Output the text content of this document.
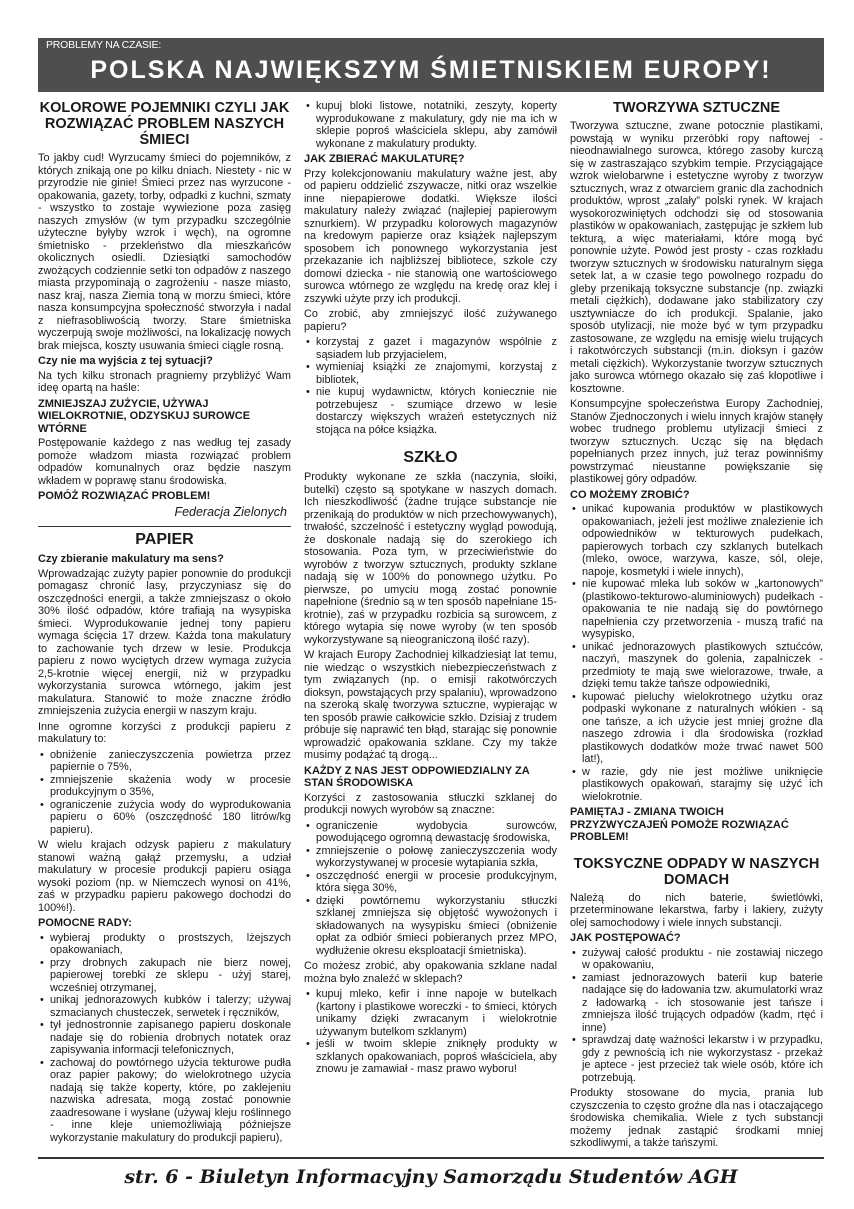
PROBLEMY NA CZASIE:
POLSKA NAJWIĘKSZYM ŚMIETNISKIEM EUROPY!
KOLOROWE POJEMNIKI CZYLI JAK ROZWIĄZAĆ PROBLEM NASZYCH ŚMIECI

To jakby cud! Wyrzucamy śmieci do pojemników, z których znikają one po kilku dniach. Niestety - nic w przyrodzie nie ginie! Śmieci przez nas wyrzucone - opakowania, gazety, torby, odpadki z kuchni, szmaty - wszystko to zostaje wywiezione poza zasięg naszych zmysłów (w tym przypadku szczególnie użyteczne byłyby wzrok i węch), na ogromne śmietnisko - przekleństwo dla mieszkańców okolicznych osiedli. Dziesiątki samochodów zwożących codziennie setki ton odpadów z naszego miasta przypominają o zagrożeniu - nasze miasto, nasz kraj, nasza Ziemia toną w morzu śmieci, które nasza konsumpcyjna społeczność stworzyła i nadal z niefrasobliwością tworzy. Stare śmietniska wyczerpują swoje możliwości, na lokalizację nowych brak miejsca, koszty usuwania śmieci ciągle rosną.

Czy nie ma wyjścia z tej sytuacji?

Na tych kilku stronach pragniemy przybliżyć Wam ideę opartą na haśle:

ZMNIEJSZAJ ZUŻYCIE, UŻYWAJ WIELOKROTNIE, ODZYSKUJ SUROWCE WTÓRNE

Postępowanie każdego z nas według tej zasady pomoże władzom miasta rozwiązać problem odpadów komunalnych oraz będzie naszym wkładem w poprawę stanu środowiska.

POMÓŻ ROZWIĄZAĆ PROBLEM!
Federacja Zielonych
PAPIER
Czy zbieranie makulatury ma sens?

Wprowadzając zużyty papier ponownie do produkcji pomagasz chronić lasy, przyczyniasz się do oszczędności energii, a także zmniejszasz o około 30% ilość odpadów, które trafiają na wysypiska śmieci. Wyprodukowanie jednej tony papieru wymaga ścięcia 17 drzew. Każda tona makulatury to zachowanie tych drzew w lesie. Produkcja papieru z nowo wyciętych drzew wymaga zużycia 2,5-krotnie więcej energii, niż w przypadku wykorzystania surowca wtórnego, jakim jest makulatura. Stanowić to może znaczne źródło zmniejszenia zużycia energii w naszym kraju.

Inne ogromne korzyści z produkcji papieru z makulatury to:

• obniżenie zanieczyszczenia powietrza przez papiernie o 75%,
• zmniejszenie skażenia wody w procesie produkcyjnym o 35%,
• ograniczenie zużycia wody do wyprodukowania papieru o 60% (oszczędność 180 litrów/kg papieru).

W wielu krajach odzysk papieru z makulatury stanowi ważną gałąź przemysłu, a udział makulatury w procesie produkcji papieru osiąga wysoki poziom (np. w Niemczech wynosi on 41%, zaś w przypadku papieru pakowego dochodzi do 100%!).

POMOCNE RADY:
• wybieraj produkty o prostszych, lżejszych opakowaniach,
• przy drobnych zakupach nie bierz nowej, papierowej torebki ze sklepu - użyj starej, wcześniej otrzymanej,
• unikaj jednorazowych kubków i talerzy; używaj szmacianych chusteczek, serwetek i ręczników,
• tył jednostronnie zapisanego papieru doskonale nadaje się do robienia drobnych notatek oraz zapisywania informacji telefonicznych,
• zachowaj do powtórnego użycia tekturowe pudła oraz papier pakowy; do wielokrotnego użycia nadają się także koperty, które, po zaklejeniu nazwiska adresata, mogą zostać ponownie zaadresowane i wysłane (używaj kleju roślinnego - inne kleje uniemożliwiają późniejsze wykorzystanie makulatury do produkcji papieru),
• kupuj bloki listowe, notatniki, zeszyty, koperty wyprodukowane z makulatury, gdy nie ma ich w sklepie poproś właściciela sklepu, aby zamówił wykonane z makulatury produkty.
JAK ZBIERAĆ MAKULATURĘ?

Przy kolekcjonowaniu makulatury ważne jest, aby od papieru oddzielić zszywacze, nitki oraz wszelkie inne niepapierowe dodatki. Większe ilości makulatury należy związać (najlepiej papierowym sznurkiem). W przypadku kolorowych magazynów na kredowym papierze oraz książek najlepszym sposobem ich ponownego wykorzystania jest przekazanie ich najbliższej bibliotece, szkole czy domowi dziecka - nie stanowią one wartościowego surowca wtórnego ze względu na kredę oraz klej i zszywki użyte przy ich produkcji.

Co zrobić, aby zmniejszyć ilość zużywanego papieru?

• korzystaj z gazet i magazynów wspólnie z sąsiadem lub przyjacielem,
• wymieniaj książki ze znajomymi, korzystaj z bibliotek,
• nie kupuj wydawnictw, których koniecznie nie potrzebujesz - szumiące drzewo w lesie dostarczy większych wrażeń estetycznych niż stojąca na półce książka.
SZKŁO

Produkty wykonane ze szkła (naczynia, słoiki, butelki) często są spotykane w naszych domach. Ich nieszkodliwość (żadne trujące substancje nie przenikają do produktów w nich przechowywanych), trwałość, szczelność i estetyczny wygląd powodują, że doskonale nadają się do szerokiego ich stosowania. Poza tym, w przeciwieństwie do wyrobów z tworzyw sztucznych, produkty szklane nadają się w 100% do ponownego użytku. Po pierwsze, po umyciu mogą zostać ponownie napełnione (średnio są w ten sposób napełniane 15-krotnie), zaś w przypadku rozbicia są surowcem, z którego wytapia się nowe wyroby (w ten sposób wykorzystywane są nieograniczoną ilość razy).

W krajach Europy Zachodniej kilkadziesiąt lat temu, nie wiedząc o wszystkich niebezpieczeństwach z tym związanych (np. o emisji rakotwórczych dioksyn, powstających przy spalaniu), wprowadzono na szeroką skalę tworzywa sztuczne, wypierając w ten sposób prawie całkowicie szkło. Dzisiaj z trudem próbuje się naprawić ten błąd, starając się ponownie wprowadzić opakowania szklane. Czy my także musimy podążać tą drogą...

KAŻDY Z NAS JEST ODPOWIEDZIALNY ZA STAN ŚRODOWISKA

Korzyści z zastosowania stłuczki szklanej do produkcji nowych wyrobów są znaczne:

• ograniczenie wydobycia surowców, powodującego ogromną dewastację środowiska,
• zmniejszenie o połowę zanieczyszczenia wody wykorzystywanej w procesie wytapiania szkła,
• oszczędność energii w procesie produkcyjnym, która sięga 30%,
• dzięki powtórnemu wykorzystaniu stłuczki szklanej zmniejsza się objętość wywożonych i składowanych na wysypisku śmieci (obniżenie opłat za odbiór śmieci pobieranych przez MPO, wydłużenie okresu eksploatacji śmietniska).

Co możesz zrobić, aby opakowania szklane nadal można było znaleźć w sklepach?

• kupuj mleko, kefir i inne napoje w butelkach (kartony i plastikowe woreczki - to śmieci, których unikamy dzięki zwracanym i wielokrotnie używanym butelkom szklanym)
• jeśli w twoim sklepie zniknęły produkty w szklanych opakowaniach, poproś właściciela, aby znowu je zamawiał - masz prawo wyboru!
TWORZYWA SZTUCZNE

Tworzywa sztuczne, zwane potocznie plastikami, powstają w wyniku przeróbki ropy naftowej - nieodnawialnego surowca, którego zasoby kurczą się w zastraszająco szybkim tempie. Przyciągające wzrok wielobarwne i estetyczne wyroby z tworzyw sztucznych, wraz z otwarciem granic dla zachodnich produktów, wprost „zalały” polski rynek. W krajach wysokorozwiniętych odchodzi się od stosowania plastików w opakowaniach, zastępując je szkłem lub tekturą, a więc materiałami, które mogą być ponownie użyte. Powód jest prosty - czas rozkładu tworzyw sztucznych w środowisku naturalnym sięga setek lat, a w czasie tego powolnego rozpadu do gleby przenikają toksyczne substancje (np. związki metali ciężkich), dodawane jako stabilizatory czy usztywniacze do ich produkcji. Spalanie, jako sposób utylizacji, nie może być w tym przypadku zastosowane, ze względu na emisję wielu trujących i rakotwórczych substancji (m.in. dioksyn i gazów metali ciężkich). Wykorzystanie tworzyw sztucznych jako surowca wtórnego okazało się zaś kłopotliwe i kosztowne.

Konsumpcyjne społeczeństwa Europy Zachodniej, Stanów Zjednoczonych i wielu innych krajów stanęły wobec trudnego problemu utylizacji śmieci z tworzyw sztucznych. Ucząc się na błędach popełnianych przez innych, już teraz powinniśmy powstrzymać nieustanne powiększanie się plastikowej góry odpadów.

CO MOŻEMY ZROBIĆ?
• unikać kupowania produktów w plastikowych opakowaniach, jeżeli jest możliwe znalezienie ich odpowiedników w tekturowych pudełkach, papierowych torbach czy szklanych butelkach (mleko, owoce, warzywa, kasze, sól, oleje, napoje, kosmetyki i wiele innych),
• nie kupować mleka lub soków w „kartonowych” (plastikowo-tekturowo-aluminiowych) pudełkach - opakowania te nie nadają się do powtórnego napełnienia czy przetworzenia - muszą trafić na wysypisko,
• unikać jednorazowych plastikowych sztućców, naczyń, maszynek do golenia, zapalniczek - przedmioty te mają swe wielorazowe, trwałe, a dzięki temu także tańsze odpowiedniki,
• kupować pieluchy wielokrotnego użytku oraz podpaski wykonane z naturalnych włókien - są one tańsze, a ich użycie jest mniej groźne dla naszego zdrowia i dla środowiska (rozkład plastikowych dodatków może trwać nawet 500 lat!),
• w razie, gdy nie jest możliwe uniknięcie plastikowych opakowań, starajmy się użyć ich wielokrotnie.
PAMIĘTAJ - ZMIANA TWOICH PRZYZWYCZAJEŃ POMOŻE ROZWIĄZAĆ PROBLEM!
TOKSYCZNE ODPADY W NASZYCH DOMACH

Należą do nich baterie, świetlówki, przeterminowane lekarstwa, farby i lakiery, zużyty olej samochodowy i wiele innych substancji.

JAK POSTĘPOWAĆ?
• zużywaj całość produktu - nie zostawiaj niczego w opakowaniu,
• zamiast jednorazowych baterii kup baterie nadające się do ładowania tzw. akumulatorki wraz z ładowarką - ich stosowanie jest tańsze i zmniejsza ilość trujących odpadów (kadm, rtęć i inne)
• sprawdzaj datę ważności lekarstw i w przypadku, gdy z pewnością ich nie wykorzystasz - przekaż je aptece - jest przecież tak wiele osób, które ich potrzebują.

Produkty stosowane do mycia, prania lub czyszczenia to często groźne dla nas i otaczającego środowiska chemikalia. Wiele z tych substancji możemy jednak zastąpić środkami mniej szkodliwymi, a także tańszymi.

str. 6 - Biuletyn Informacyjny Samorządu Studentów AGH
